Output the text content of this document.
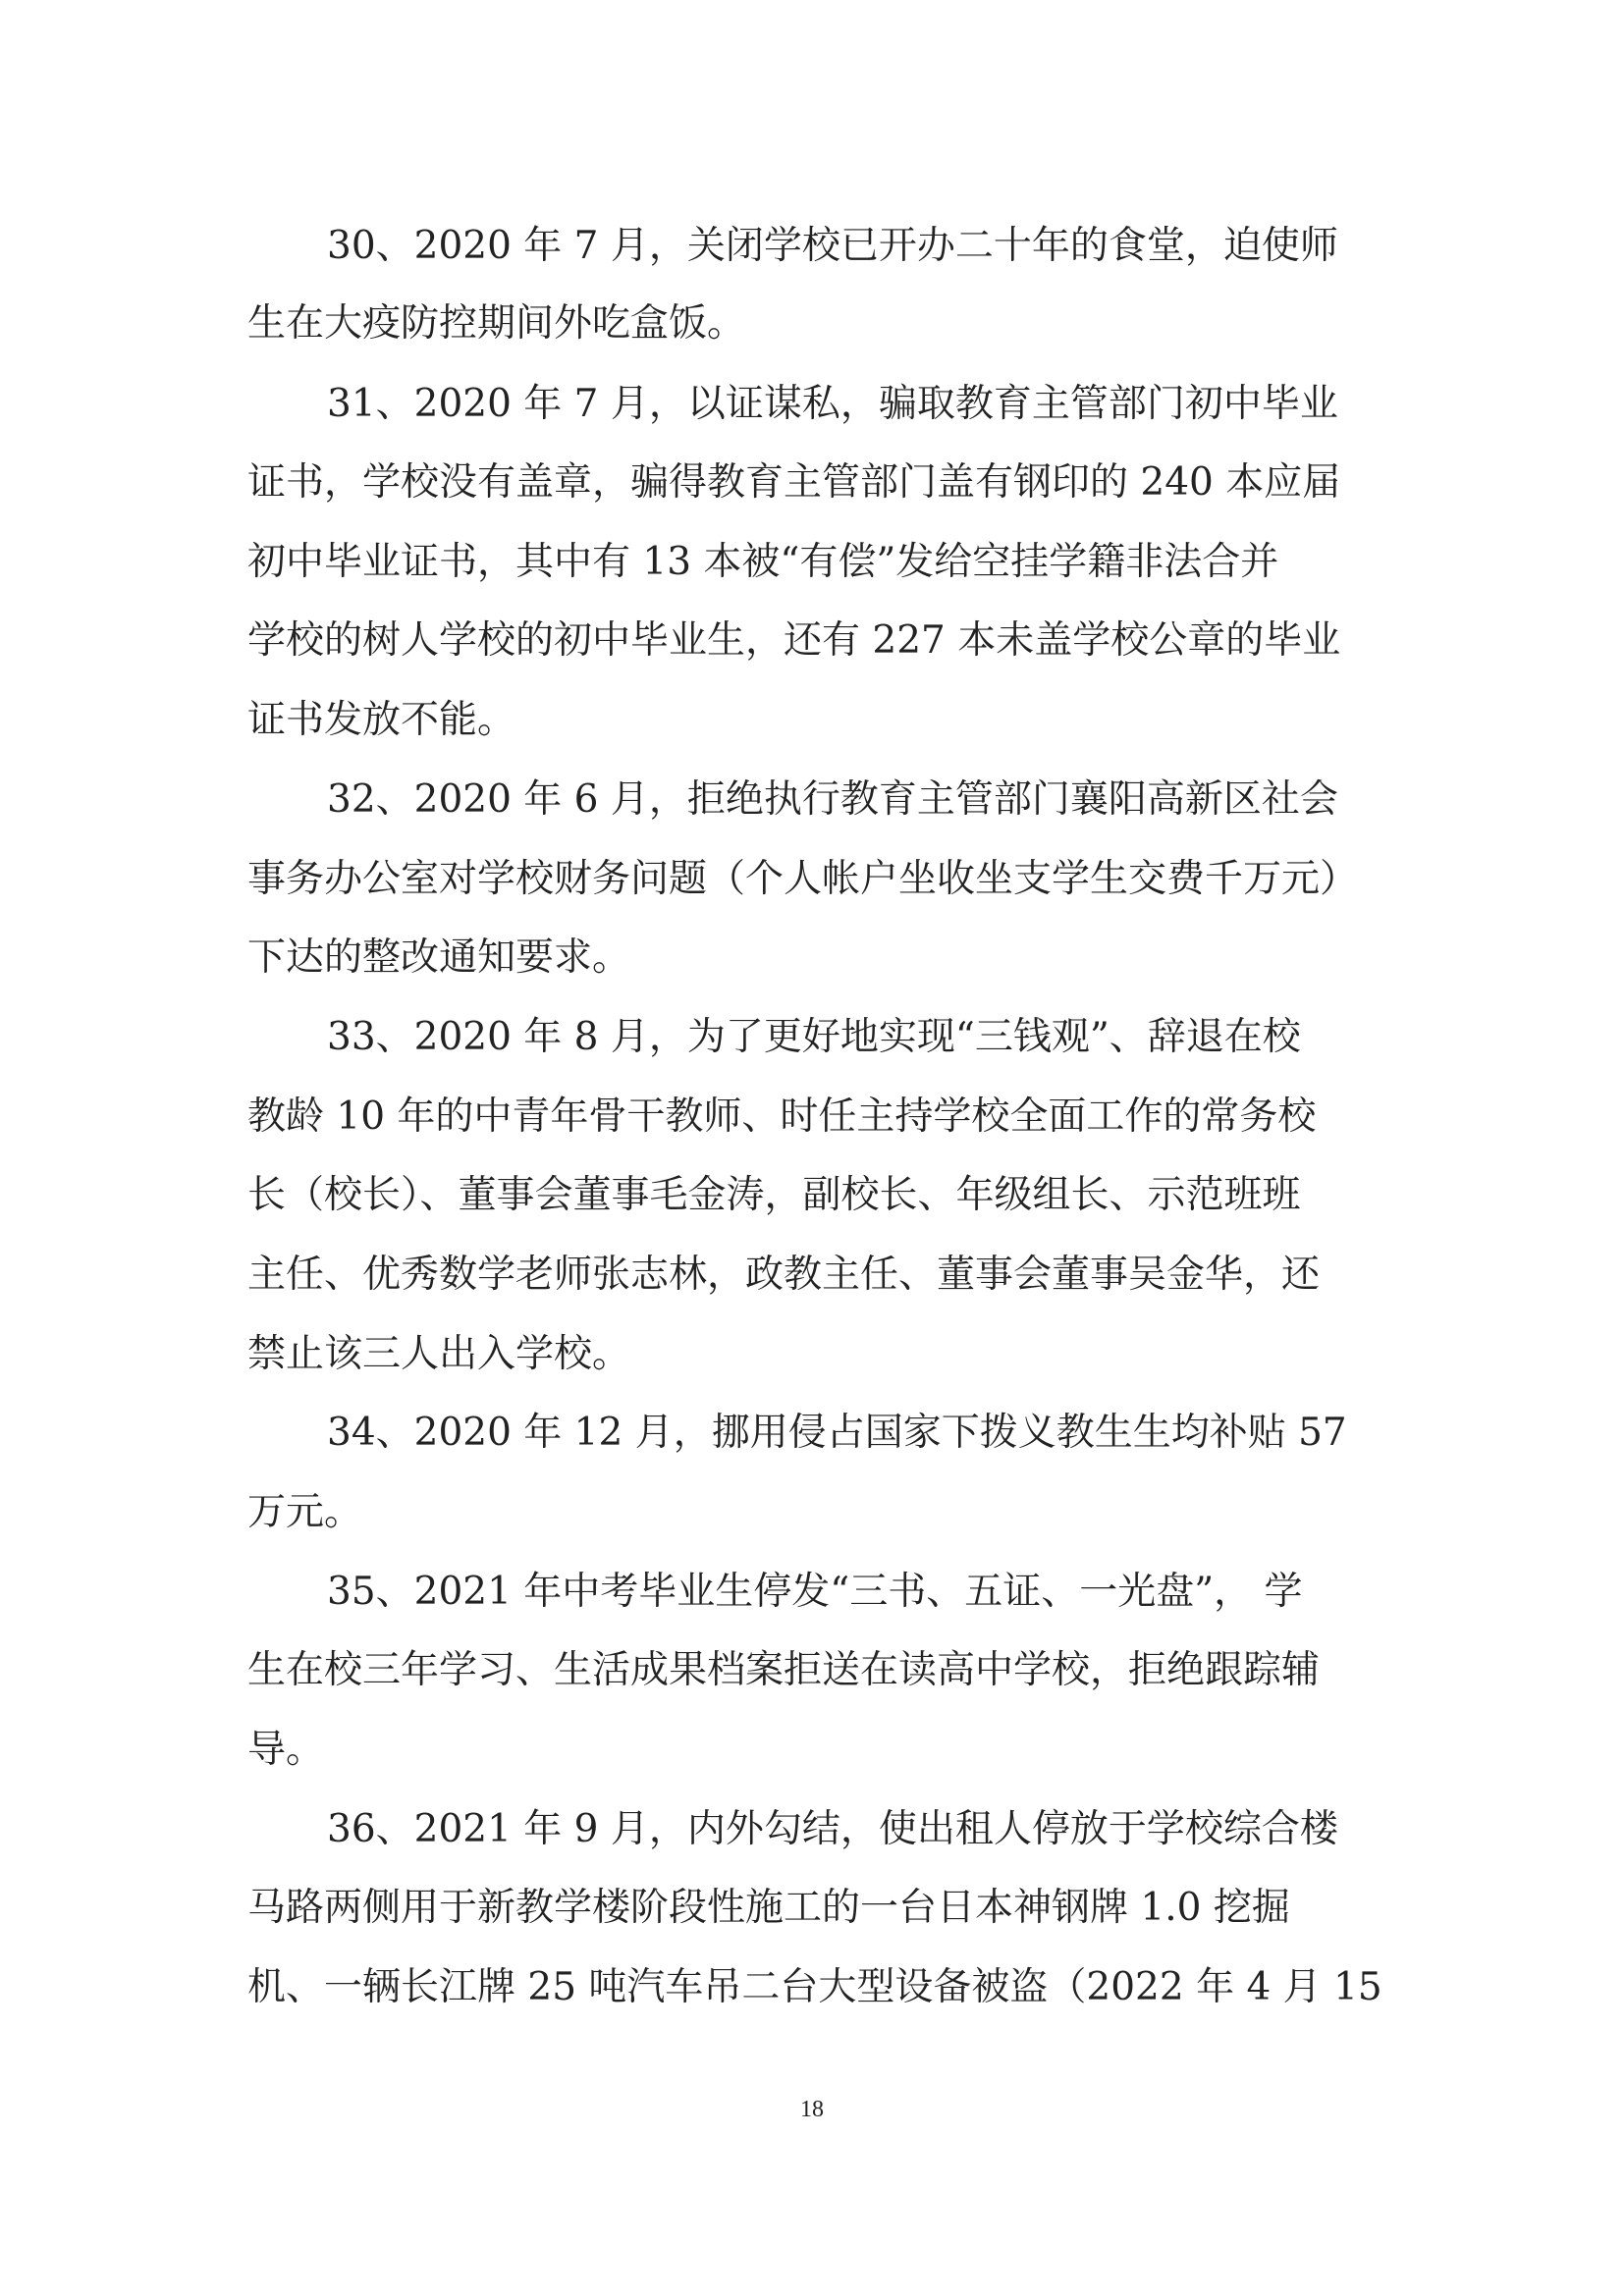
30、2020 年 7 月，关闭学校已开办二十年的食堂，迫使师
生在大疫防控期间外吃盒饭。
31、2020 年 7 月，以证谋私，骗取教育主管部门初中毕业
证书，学校没有盖章，骗得教育主管部门盖有钢印的 240 本应届
初中毕业证书，其中有 13 本被“有偿”发给空挂学籍非法合并
学校的树人学校的初中毕业生，还有 227 本未盖学校公章的毕业
证书发放不能。
32、2020 年 6 月，拒绝执行教育主管部门襄阳高新区社会
事务办公室对学校财务问题（个人帐户坐收坐支学生交费千万元）
下达的整改通知要求。
33、2020 年 8 月，为了更好地实现“三钱观”、辞退在校
教龄 10 年的中青年骨干教师、时任主持学校全面工作的常务校
长（校长）、董事会董事毛金涛，副校长、年级组长、示范班班
主任、优秀数学老师张志林，政教主任、董事会董事吴金华，还
禁止该三人出入学校。
34、2020 年 12 月，挪用侵占国家下拨义教生生均补贴 57
万元。
35、2021 年中考毕业生停发“三书、五证、一光盘”， 学
生在校三年学习、生活成果档案拒送在读高中学校，拒绝跟踪辅
导。
36、2021 年 9 月，内外勾结，使出租人停放于学校综合楼
马路两侧用于新教学楼阶段性施工的一台日本神钢牌 1.0 挖掘
机、一辆长江牌 25 吨汽车吊二台大型设备被盗（2022 年 4 月 15
18
